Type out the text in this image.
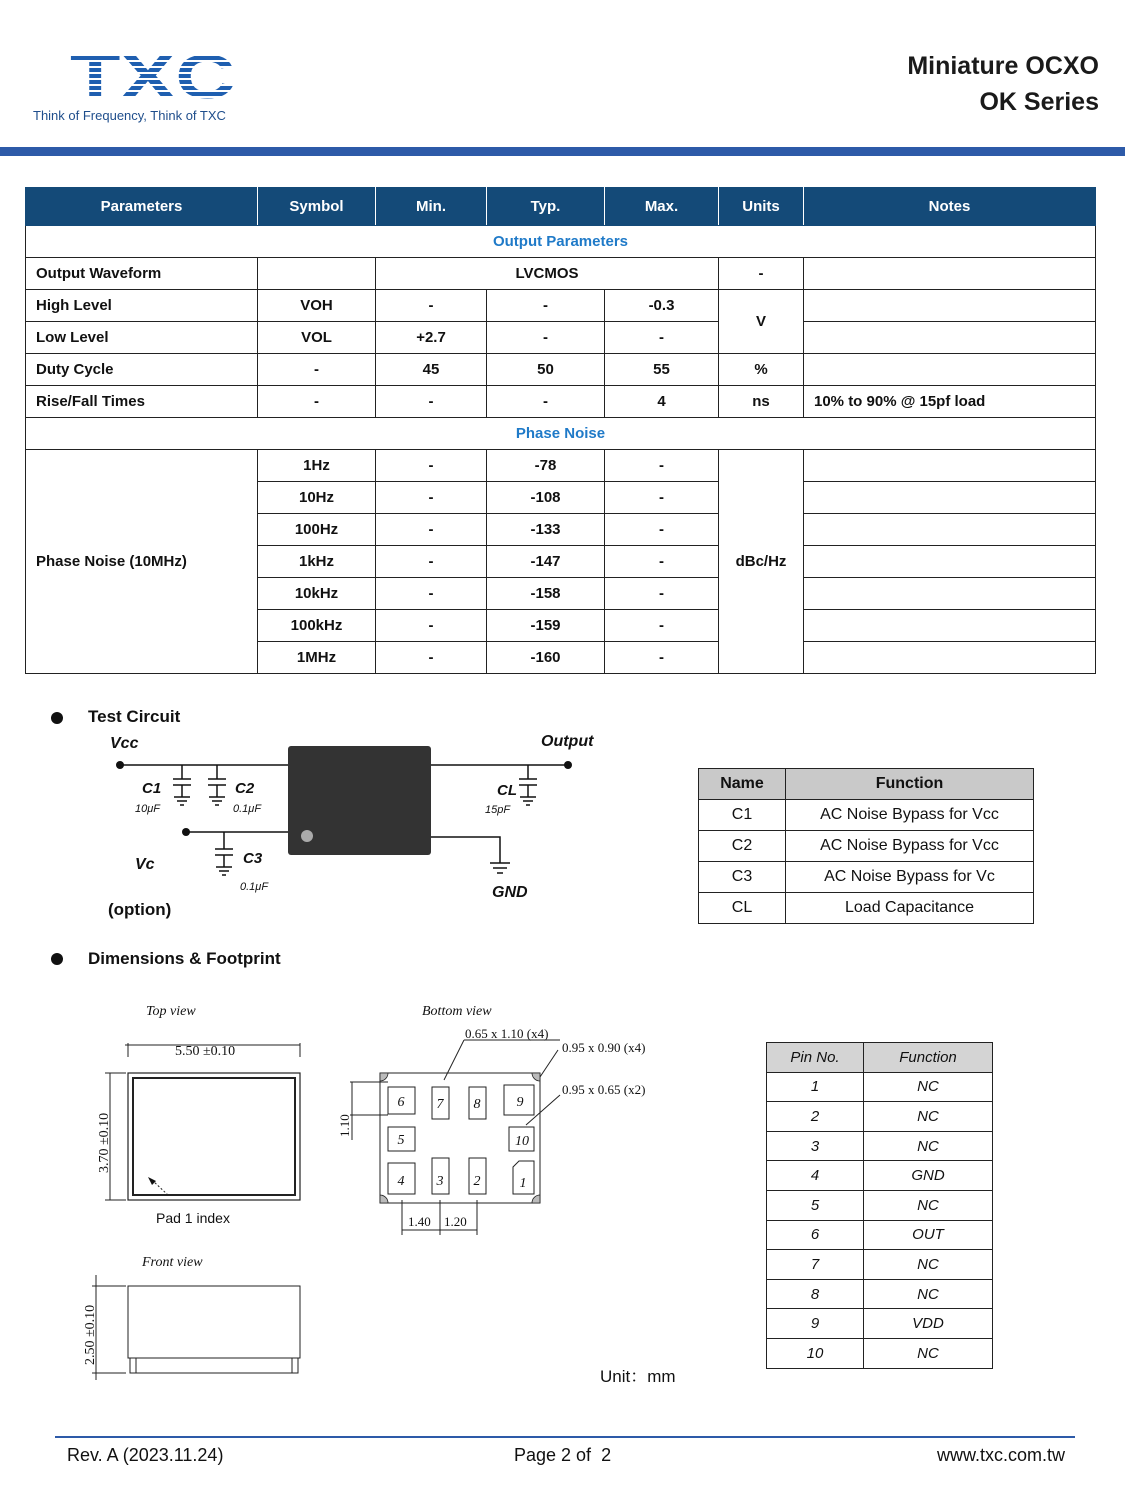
TXC
Think of Frequency, Think of TXC
Miniature OCXO
OK Series
Parameters	Symbol	Min.	Typ.	Max.	Units	Notes
Output Parameters						
Output Waveform		LVCMOS			-	
High Level	VOH	-	-	-0.3	V	
Low Level	VOL	+2.7	-	-		
Duty Cycle	-	45	50	55	%	
Rise/Fall Times	-	-	-	4	ns	10% to 90% @ 15pf load
Phase Noise						
Phase Noise (10MHz)	1Hz	-	-78	-	dBc/Hz	
	10Hz	-	-108	-		
	100Hz	-	-133	-		
	1kHz	-	-147	-		
	10kHz	-	-158	-		
	100kHz	-	-159	-		
	1MHz	-	-160	-		
Test Circuit
Vcc	Output
C1
10μF
C2
0.1μF
CL
15pF
C3
0.1μF
Vc
GND
(option)
Name	Function
C1	AC Noise Bypass for Vcc
C2	AC Noise Bypass for Vcc
C3	AC Noise Bypass for Vc
CL	Load Capacitance
Dimensions & Footprint
Top view	Bottom view
Front view
5.50 ±0.10
3.70 ±0.10
Pad 1 index
2.50 ±0.10
6
5
4
7 8	9
10
3 2	1
0.65 x 1.10 (x4)
0.95 x 0.90 (x4)
0.95 x 0.65 (x2)
1.10
1.40 1.20
Unit：mm
Pin No.	Function
1	NC
2	NC
3	NC
4	GND
5	NC
6	OUT
7	NC
8	NC
9	VDD
10	NC
Rev. A (2023.11.24)	Page 2 of  2	www.txc.com.tw
